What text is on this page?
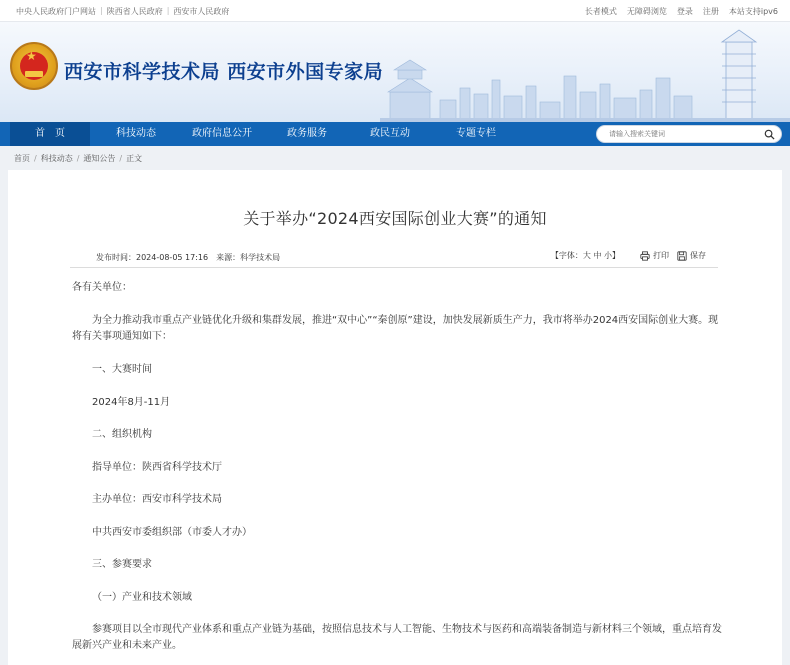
中央人民政府门户网站 | 陕西省人民政府 | 西安市人民政府	长者模式 无障碍浏览 登录 注册 本站支持ipv6
★
西安市科学技术局 西安市外国专家局
首　页	科技动态	政府信息公开	政务服务	政民互动	专题专栏
请输入搜索关键词
首页 / 科技动态 / 通知公告 / 正文
关于举办“2024西安国际创业大赛”的通知
发布时间：2024-08-05 17:16 来源：科学技术局	【字体：大 中 小】	打印	保存
各有关单位：
为全力推动我市重点产业链优化升级和集群发展，推进“双中心”“秦创原”建设，加快发展新质生产力，我市将举办2024西安国际创业大赛。现将有关事项通知如下：
一、大赛时间
2024年8月-11月
二、组织机构
指导单位：陕西省科学技术厅
主办单位：西安市科学技术局
中共西安市委组织部（市委人才办）
三、参赛要求
（一）产业和技术领域
参赛项目以全市现代产业体系和重点产业链为基础，按照信息技术与人工智能、生物技术与医药和高端装备制造与新材料三个领域，重点培育发展新兴产业和未来产业。
